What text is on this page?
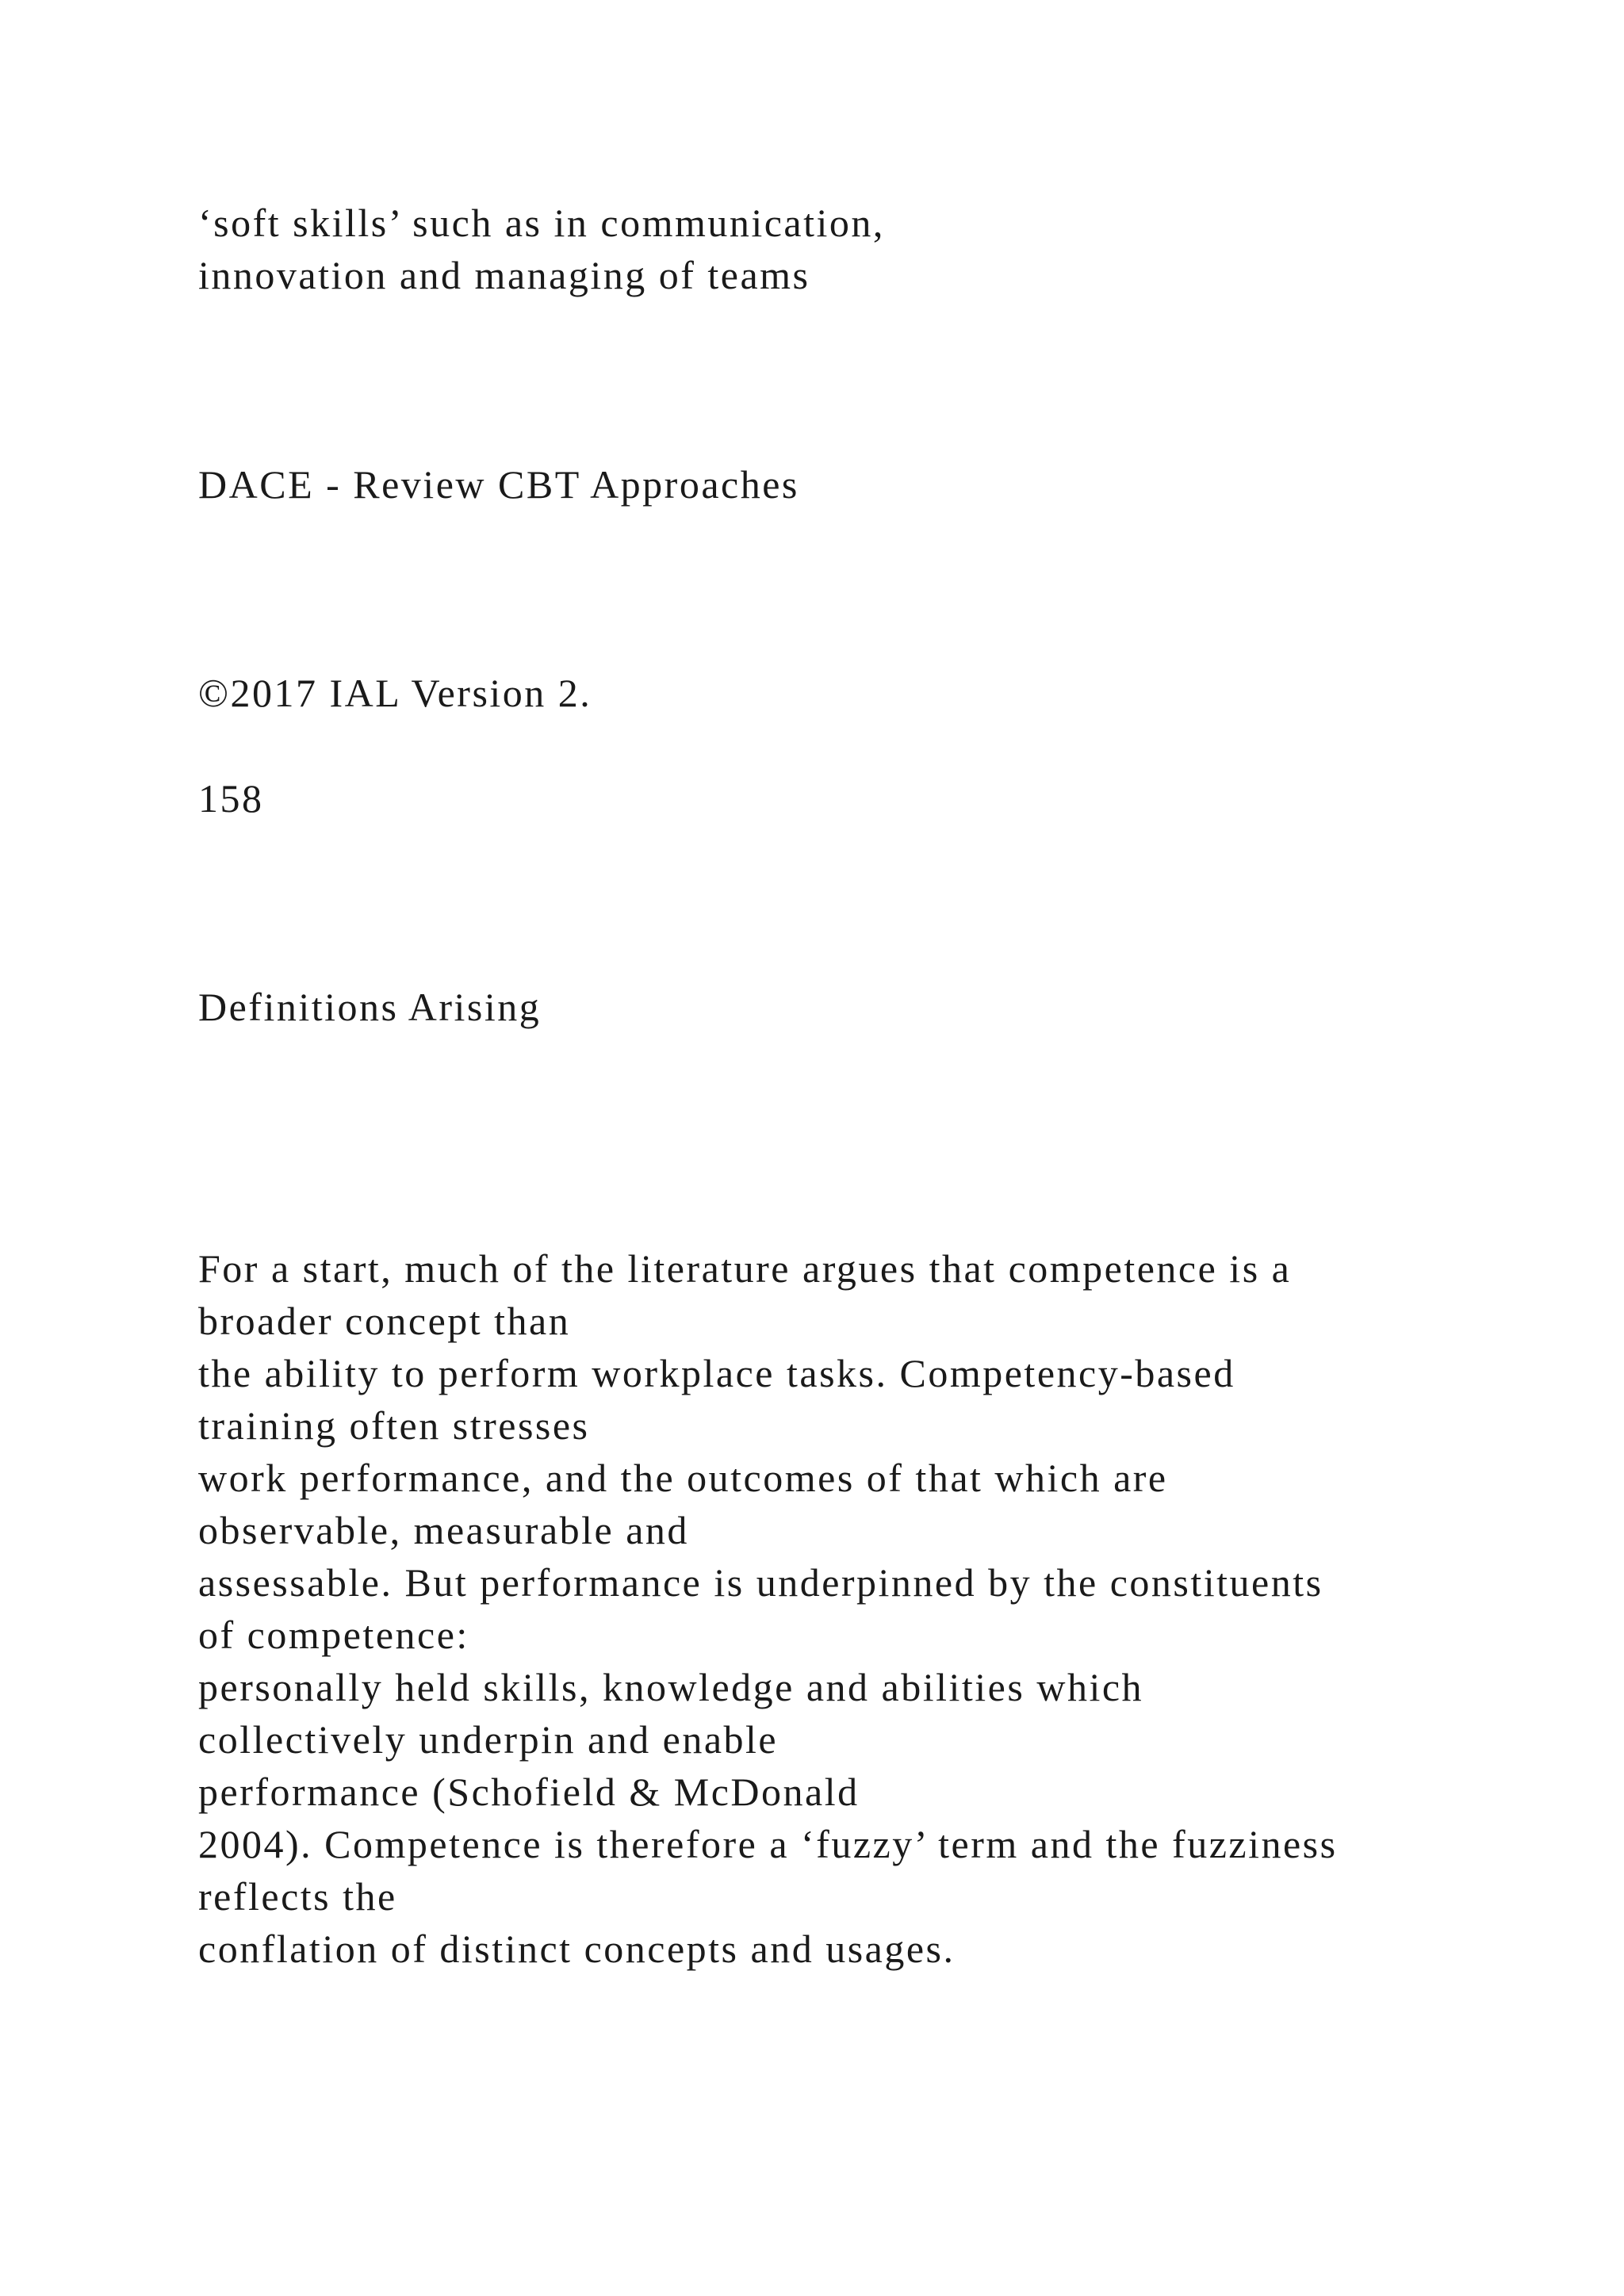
‘soft skills’ such as in communication,

innovation and managing of teams

DACE - Review CBT Approaches

©2017 IAL Version 2.

158

Definitions Arising

For a start, much of the literature argues that competence is a

broader concept than

the ability to perform workplace tasks. Competency-based

training often stresses

work performance, and the outcomes of that which are

observable, measurable and

assessable. But performance is underpinned by the constituents

of competence:

personally held skills, knowledge and abilities which

collectively underpin and enable

performance (Schofield & McDonald

2004). Competence is therefore a ‘fuzzy’ term and the fuzziness

reflects the

conflation of distinct concepts and usages.
